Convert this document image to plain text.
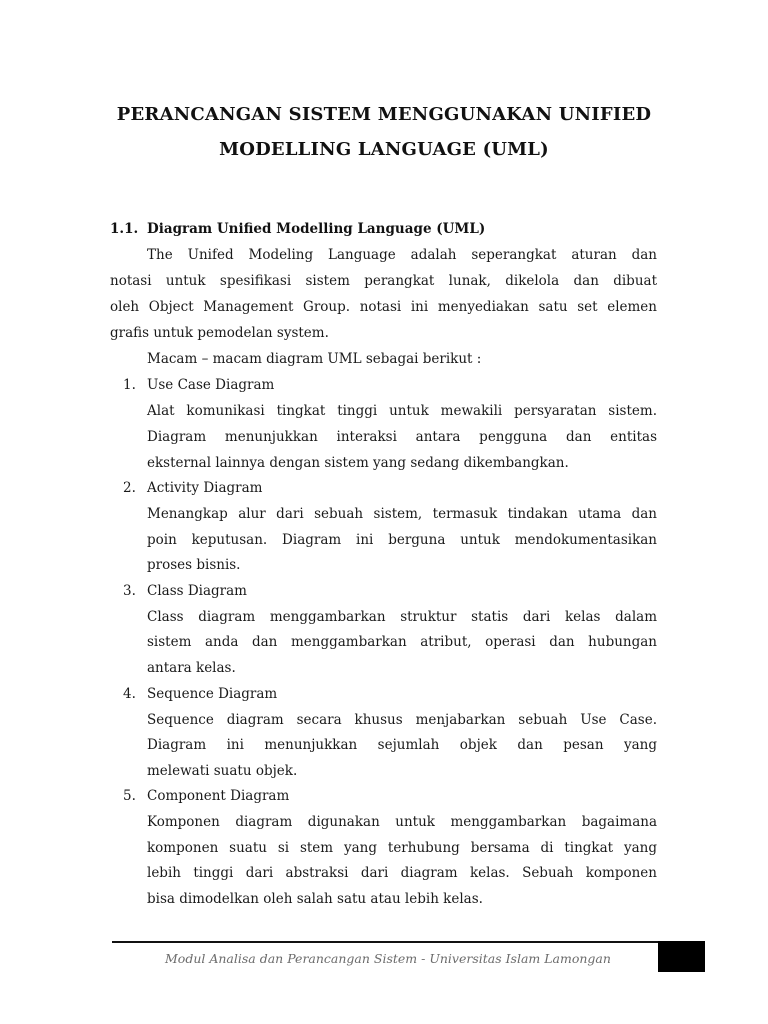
PERANCANGAN SISTEM MENGGUNAKAN UNIFIED
MODELLING LANGUAGE (UML)
1.1. Diagram Unified Modelling Language (UML)
The Unifed Modeling Language adalah seperangkat aturan dan
notasi untuk spesifikasi sistem perangkat lunak, dikelola dan dibuat
oleh Object Management Group. notasi ini menyediakan satu set elemen
grafis untuk pemodelan system.
Macam – macam diagram UML sebagai berikut :
1. Use Case Diagram
Alat komunikasi tingkat tinggi untuk mewakili persyaratan sistem.
Diagram menunjukkan interaksi antara pengguna dan entitas
eksternal lainnya dengan sistem yang sedang dikembangkan.
2. Activity Diagram
Menangkap alur dari sebuah sistem, termasuk tindakan utama dan
poin keputusan. Diagram ini berguna untuk mendokumentasikan
proses bisnis.
3. Class Diagram
Class diagram menggambarkan struktur statis dari kelas dalam
sistem anda dan menggambarkan atribut, operasi dan hubungan
antara kelas.
4. Sequence Diagram
Sequence diagram secara khusus menjabarkan sebuah Use Case.
Diagram ini menunjukkan sejumlah objek dan pesan yang
melewati suatu objek.
5. Component Diagram
Komponen diagram digunakan untuk menggambarkan bagaimana
komponen suatu si stem yang terhubung bersama di tingkat yang
lebih tinggi dari abstraksi dari diagram kelas. Sebuah komponen
bisa dimodelkan oleh salah satu atau lebih kelas.
Modul Analisa dan Perancangan Sistem - Universitas Islam Lamongan
